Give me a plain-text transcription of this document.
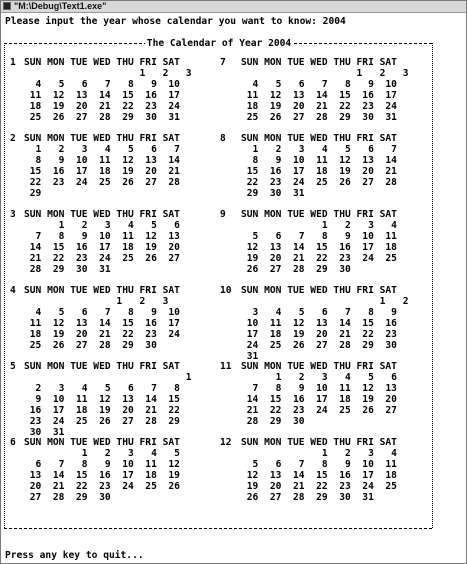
"M:\Debug\Text1.exe"
Please input the year whose calendar you want to know: 2004
The Calendar of Year 2004
1 SUN MON TUE WED THU FRI SAT
1   2   3
4   5   6   7   8   9  10
11  12  13  14  15  16  17
18  19  20  21  22  23  24
25  26  27  28  29  30  31
2 SUN MON TUE WED THU FRI SAT
1   2   3   4   5   6   7
8   9  10  11  12  13  14
15  16  17  18  19  20  21
22  23  24  25  26  27  28
29
3 SUN MON TUE WED THU FRI SAT
1   2   3   4   5   6
7   8   9  10  11  12  13
14  15  16  17  18  19  20
21  22  23  24  25  26  27
28  29  30  31
4 SUN MON TUE WED THU FRI SAT
1   2   3
4   5   6   7   8   9  10
11  12  13  14  15  16  17
18  19  20  21  22  23  24
25  26  27  28  29  30
5 SUN MON TUE WED THU FRI SAT
1
2   3   4   5   6   7   8
9  10  11  12  13  14  15
16  17  18  19  20  21  22
23  24  25  26  27  28  29
30  31
6 SUN MON TUE WED THU FRI SAT
1   2   3   4   5
6   7   8   9  10  11  12
13  14  15  16  17  18  19
20  21  22  23  24  25  26
27  28  29  30
7 SUN MON TUE WED THU FRI SAT
1   2   3
4   5   6   7   8   9  10
11  12  13  14  15  16  17
18  19  20  21  22  23  24
25  26  27  28  29  30  31
8 SUN MON TUE WED THU FRI SAT
1   2   3   4   5   6   7
8   9  10  11  12  13  14
15  16  17  18  19  20  21
22  23  24  25  26  27  28
29  30  31
9 SUN MON TUE WED THU FRI SAT
1   2   3   4
5   6   7   8   9  10  11
12  13  14  15  16  17  18
19  20  21  22  23  24  25
26  27  28  29  30
10 SUN MON TUE WED THU FRI SAT
1   2
3   4   5   6   7   8   9
10  11  12  13  14  15  16
17  18  19  20  21  22  23
24  25  26  27  28  29  30
31
11 SUN MON TUE WED THU FRI SAT
1   2   3   4   5   6
7   8   9  10  11  12  13
14  15  16  17  18  19  20
21  22  23  24  25  26  27
28  29  30
12 SUN MON TUE WED THU FRI SAT
1   2   3   4
5   6   7   8   9  10  11
12  13  14  15  16  17  18
19  20  21  22  23  24  25
26  27  28  29  30  31
Press any key to quit...
